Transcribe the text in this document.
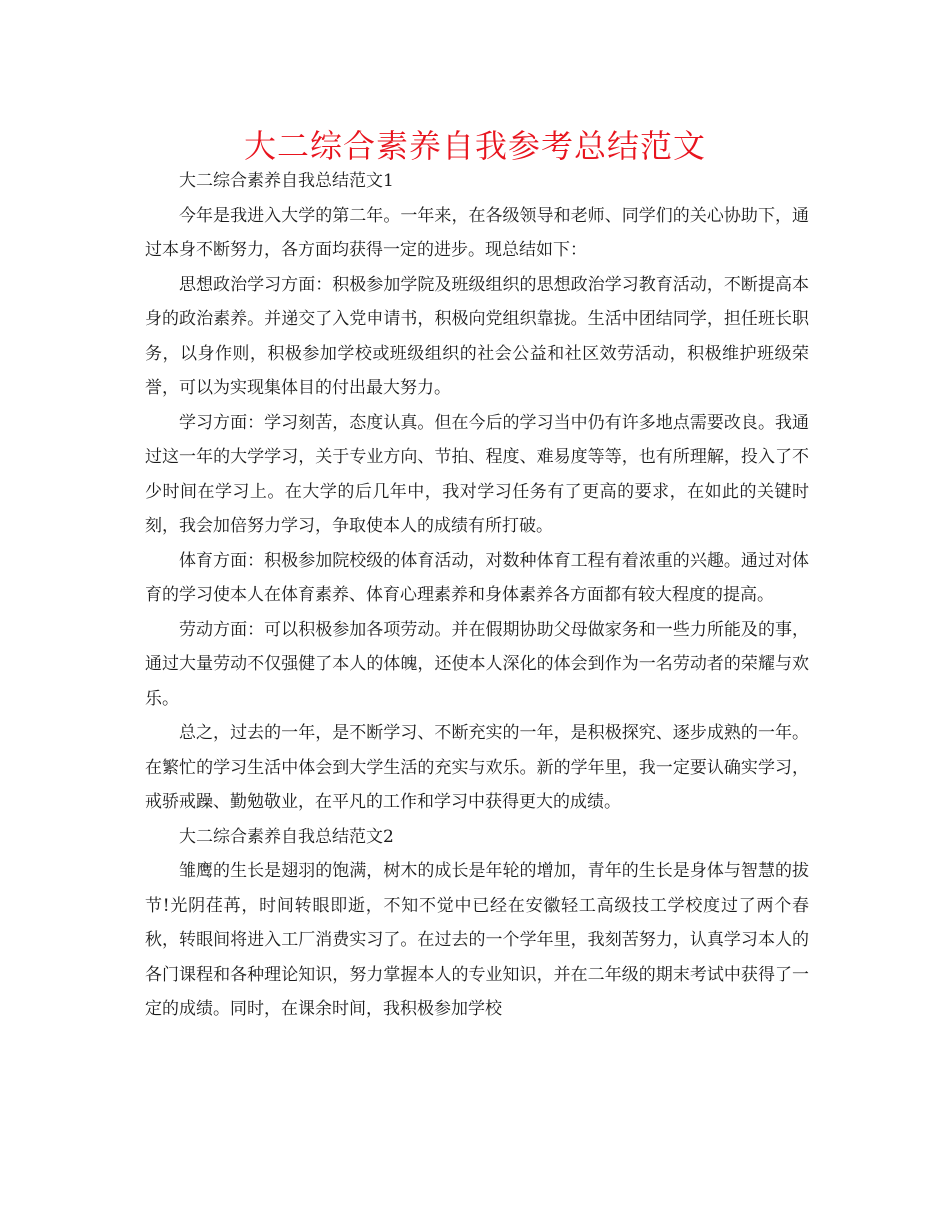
大二综合素养自我参考总结范文

大二综合素养自我总结范文1

今年是我进入大学的第二年。一年来，在各级领导和老师、同学们的关心协助下，通过本身不断努力，各方面均获得一定的进步。现总结如下：

思想政治学习方面：积极参加学院及班级组织的思想政治学习教育活动，不断提高本身的政治素养。并递交了入党申请书，积极向党组织靠拢。生活中团结同学，担任班长职务，以身作则，积极参加学校或班级组织的社会公益和社区效劳活动，积极维护班级荣誉，可以为实现集体目的付出最大努力。

学习方面：学习刻苦，态度认真。但在今后的学习当中仍有许多地点需要改良。我通过这一年的大学学习，关于专业方向、节拍、程度、难易度等等，也有所理解，投入了不少时间在学习上。在大学的后几年中，我对学习任务有了更高的要求，在如此的关键时刻，我会加倍努力学习，争取使本人的成绩有所打破。

体育方面：积极参加院校级的体育活动，对数种体育工程有着浓重的兴趣。通过对体育的学习使本人在体育素养、体育心理素养和身体素养各方面都有较大程度的提高。

劳动方面：可以积极参加各项劳动。并在假期协助父母做家务和一些力所能及的事，通过大量劳动不仅强健了本人的体魄，还使本人深化的体会到作为一名劳动者的荣耀与欢乐。

总之，过去的一年，是不断学习、不断充实的一年，是积极探究、逐步成熟的一年。在繁忙的学习生活中体会到大学生活的充实与欢乐。新的学年里，我一定要认确实学习，戒骄戒躁、勤勉敬业，在平凡的工作和学习中获得更大的成绩。

大二综合素养自我总结范文2

雏鹰的生长是翅羽的饱满，树木的成长是年轮的增加，青年的生长是身体与智慧的拔节!光阴荏苒，时间转眼即逝，不知不觉中已经在安徽轻工高级技工学校度过了两个春秋，转眼间将进入工厂消费实习了。在过去的一个学年里，我刻苦努力，认真学习本人的各门课程和各种理论知识，努力掌握本人的专业知识，并在二年级的期末考试中获得了一定的成绩。同时，在课余时间，我积极参加学校
